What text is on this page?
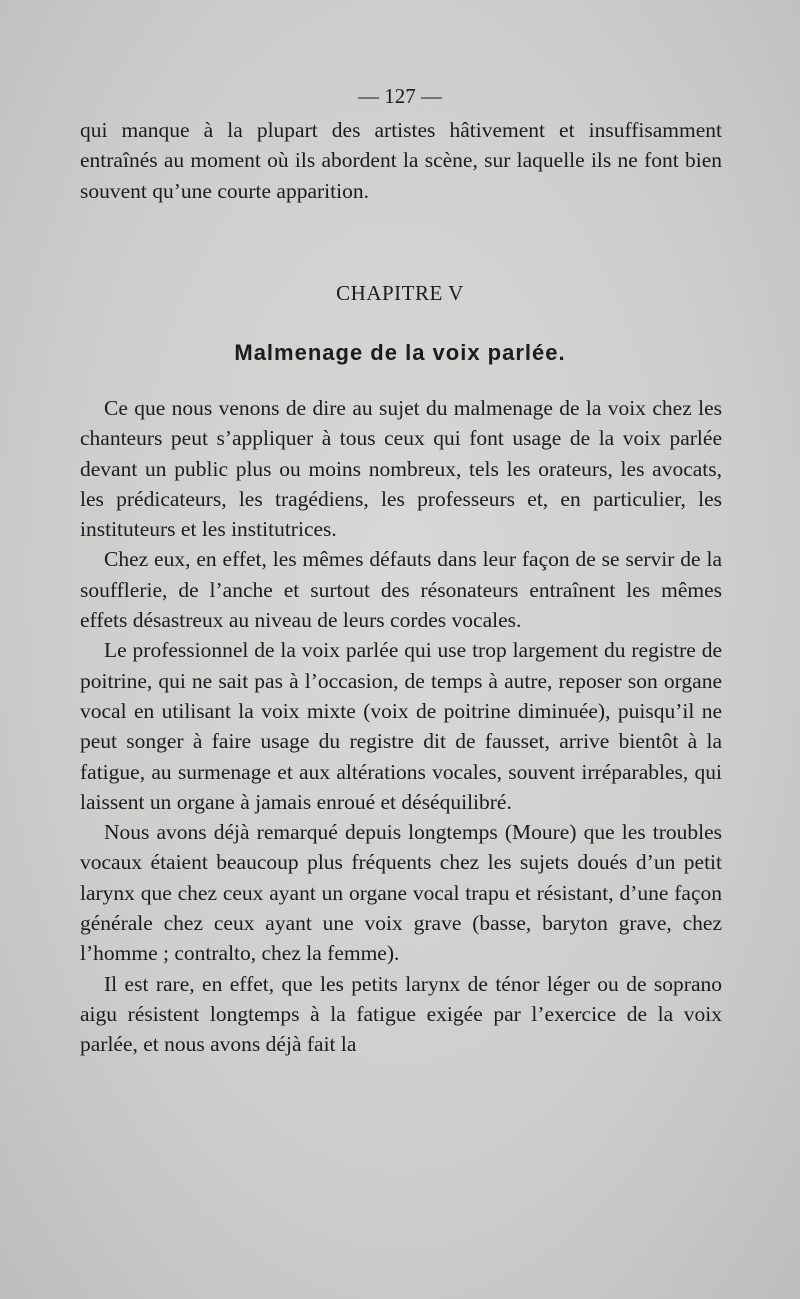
— 127 —

qui manque à la plupart des artistes hâtivement et insuffisamment entraînés au moment où ils abordent la scène, sur laquelle ils ne font bien souvent qu’une courte apparition.

CHAPITRE V
Malmenage de la voix parlée.

Ce que nous venons de dire au sujet du malmenage de la voix chez les chanteurs peut s’appliquer à tous ceux qui font usage de la voix parlée devant un public plus ou moins nombreux, tels les orateurs, les avocats, les prédicateurs, les tragédiens, les professeurs et, en particulier, les instituteurs et les institutrices.

Chez eux, en effet, les mêmes défauts dans leur façon de se servir de la soufflerie, de l’anche et surtout des résonateurs entraînent les mêmes effets désastreux au niveau de leurs cordes vocales.

Le professionnel de la voix parlée qui use trop largement du registre de poitrine, qui ne sait pas à l’occasion, de temps à autre, reposer son organe vocal en utilisant la voix mixte (voix de poitrine diminuée), puisqu’il ne peut songer à faire usage du registre dit de fausset, arrive bientôt à la fatigue, au surmenage et aux altérations vocales, souvent irréparables, qui laissent un organe à jamais enroué et déséquilibré.

Nous avons déjà remarqué depuis longtemps (Moure) que les troubles vocaux étaient beaucoup plus fréquents chez les sujets doués d’un petit larynx que chez ceux ayant un organe vocal trapu et résistant, d’une façon générale chez ceux ayant une voix grave (basse, baryton grave, chez l’homme ; contralto, chez la femme).

Il est rare, en effet, que les petits larynx de ténor léger ou de soprano aigu résistent longtemps à la fatigue exigée par l’exercice de la voix parlée, et nous avons déjà fait la
